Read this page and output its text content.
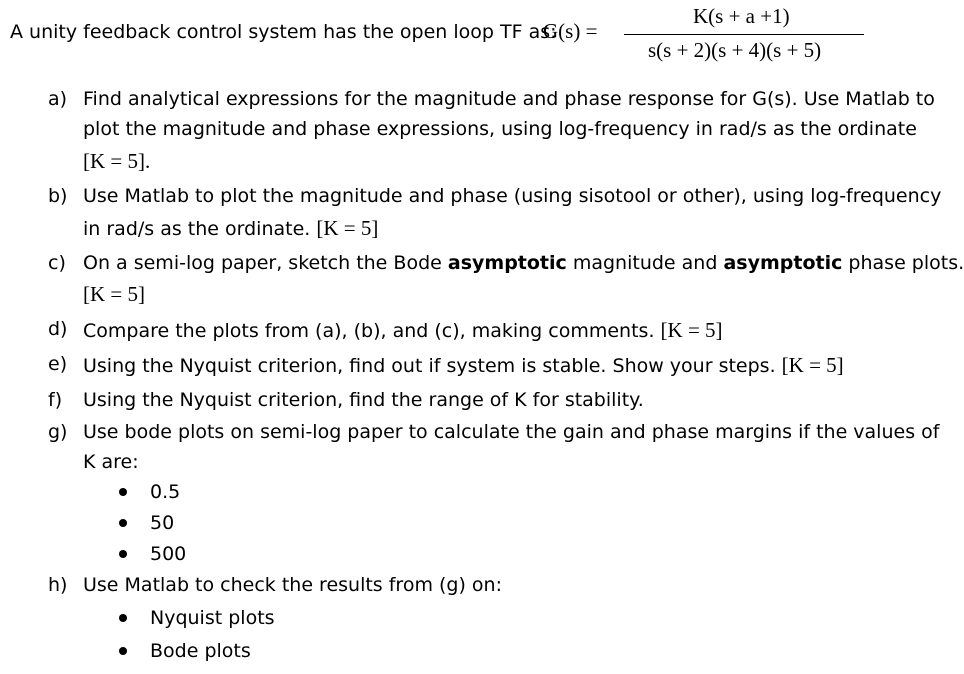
A unity feedback control system has the open loop TF as:
G(s) =
K(s + a +1)
s(s + 2)(s + 4)(s + 5)
a) Find analytical expressions for the magnitude and phase response for G(s). Use Matlab to
plot the magnitude and phase expressions, using log-frequency in rad/s as the ordinate
[K = 5].
b) Use Matlab to plot the magnitude and phase (using sisotool or other), using log-frequency
in rad/s as the ordinate. [K = 5]
c) On a semi-log paper, sketch the Bode asymptotic magnitude and asymptotic phase plots.
[K = 5]
d) Compare the plots from (a), (b), and (c), making comments. [K = 5]
e) Using the Nyquist criterion, find out if system is stable. Show your steps. [K = 5]
f) Using the Nyquist criterion, find the range of K for stability.
g) Use bode plots on semi-log paper to calculate the gain and phase margins if the values of
K are:
0.5
50
500
h) Use Matlab to check the results from (g) on:
Nyquist plots
Bode plots
